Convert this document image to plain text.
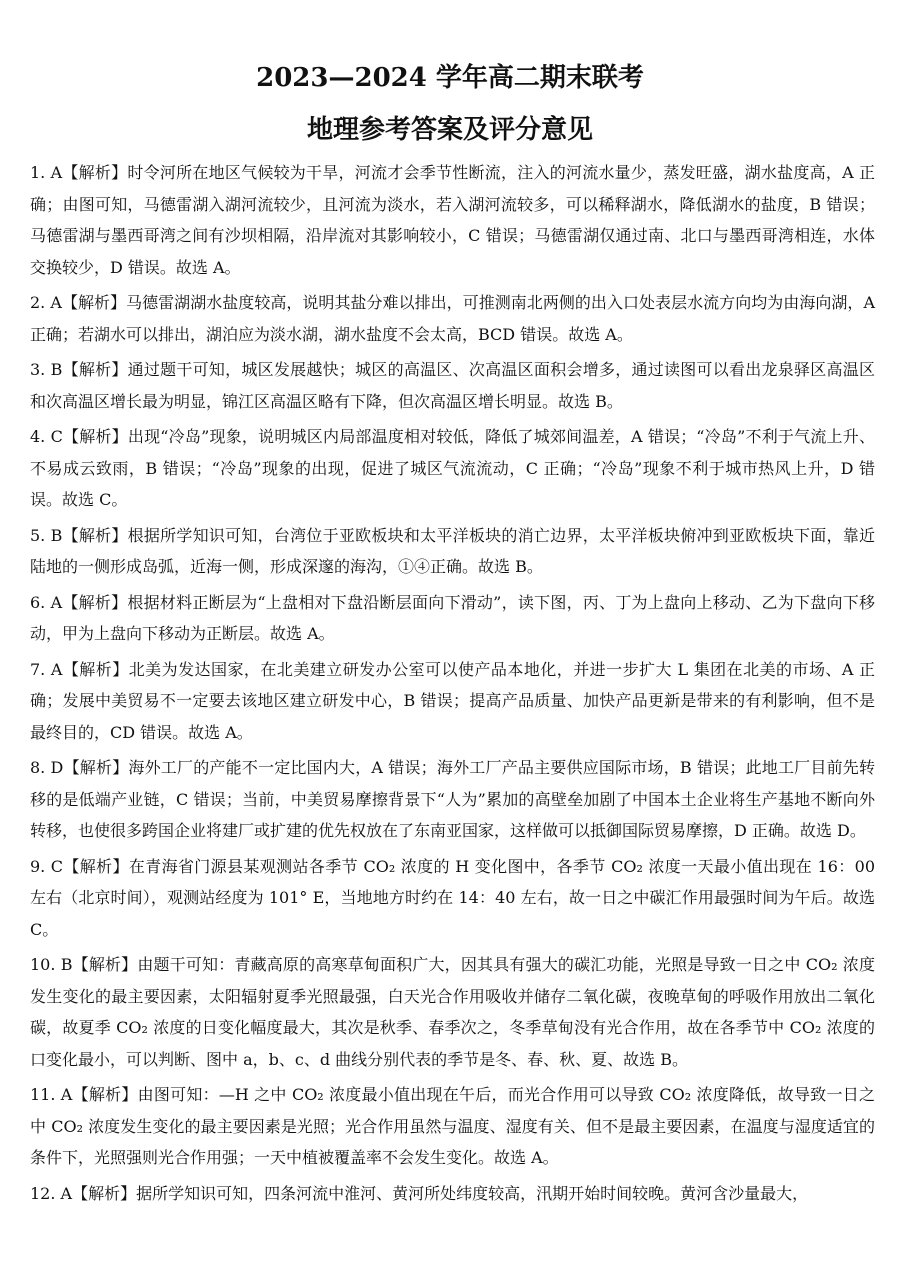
2023—2024 学年高二期末联考
地理参考答案及评分意见

1. A【解析】时令河所在地区气候较为干旱，河流才会季节性断流，注入的河流水量少，蒸发旺盛，湖水盐度高，A 正确；由图可知，马德雷湖入湖河流较少，且河流为淡水，若入湖河流较多，可以稀释湖水，降低湖水的盐度，B 错误；马德雷湖与墨西哥湾之间有沙坝相隔，沿岸流对其影响较小，C 错误；马德雷湖仅通过南、北口与墨西哥湾相连，水体交换较少，D 错误。故选 A。

2. A【解析】马德雷湖湖水盐度较高，说明其盐分难以排出，可推测南北两侧的出入口处表层水流方向均为由海向湖，A 正确；若湖水可以排出，湖泊应为淡水湖，湖水盐度不会太高，BCD 错误。故选 A。

3. B【解析】通过题干可知，城区发展越快；城区的高温区、次高温区面积会增多，通过读图可以看出龙泉驿区高温区和次高温区增长最为明显，锦江区高温区略有下降，但次高温区增长明显。故选 B。

4. C【解析】出现“冷岛”现象，说明城区内局部温度相对较低，降低了城郊间温差，A 错误；“冷岛”不利于气流上升、不易成云致雨，B 错误；“冷岛”现象的出现，促进了城区气流流动，C 正确；“冷岛”现象不利于城市热风上升，D 错误。故选 C。

5. B【解析】根据所学知识可知，台湾位于亚欧板块和太平洋板块的消亡边界，太平洋板块俯冲到亚欧板块下面，靠近陆地的一侧形成岛弧，近海一侧，形成深邃的海沟，①④正确。故选 B。

6. A【解析】根据材料正断层为“上盘相对下盘沿断层面向下滑动”，读下图，丙、丁为上盘向上移动、乙为下盘向下移动，甲为上盘向下移动为正断层。故选 A。

7. A【解析】北美为发达国家，在北美建立研发办公室可以使产品本地化，并进一步扩大 L 集团在北美的市场、A 正确；发展中美贸易不一定要去该地区建立研发中心，B 错误；提高产品质量、加快产品更新是带来的有利影响，但不是最终目的，CD 错误。故选 A。

8. D【解析】海外工厂的产能不一定比国内大，A 错误；海外工厂产品主要供应国际市场，B 错误；此地工厂目前先转移的是低端产业链，C 错误；当前，中美贸易摩擦背景下“人为”累加的高壁垒加剧了中国本土企业将生产基地不断向外转移，也使很多跨国企业将建厂或扩建的优先权放在了东南亚国家，这样做可以抵御国际贸易摩擦，D 正确。故选 D。

9. C【解析】在青海省门源县某观测站各季节 CO₂ 浓度的 H 变化图中，各季节 CO₂ 浓度一天最小值出现在 16：00 左右（北京时间），观测站经度为 101° E，当地地方时约在 14：40 左右，故一日之中碳汇作用最强时间为午后。故选 C。

10. B【解析】由题干可知：青藏高原的高寒草甸面积广大，因其具有强大的碳汇功能，光照是导致一日之中 CO₂ 浓度发生变化的最主要因素，太阳辐射夏季光照最强，白天光合作用吸收并储存二氧化碳，夜晚草甸的呼吸作用放出二氧化碳，故夏季 CO₂ 浓度的日变化幅度最大，其次是秋季、春季次之，冬季草甸没有光合作用，故在各季节中 CO₂ 浓度的口变化最小，可以判断、图中 a，b、c、d 曲线分别代表的季节是冬、春、秋、夏、故选 B。

11. A【解析】由图可知：—H 之中 CO₂ 浓度最小值出现在午后，而光合作用可以导致 CO₂ 浓度降低，故导致一日之中 CO₂ 浓度发生变化的最主要因素是光照；光合作用虽然与温度、湿度有关、但不是最主要因素，在温度与湿度适宜的条件下，光照强则光合作用强；一天中植被覆盖率不会发生变化。故选 A。

12. A【解析】据所学知识可知，四条河流中淮河、黄河所处纬度较高，汛期开始时间较晚。黄河含沙量最大，
